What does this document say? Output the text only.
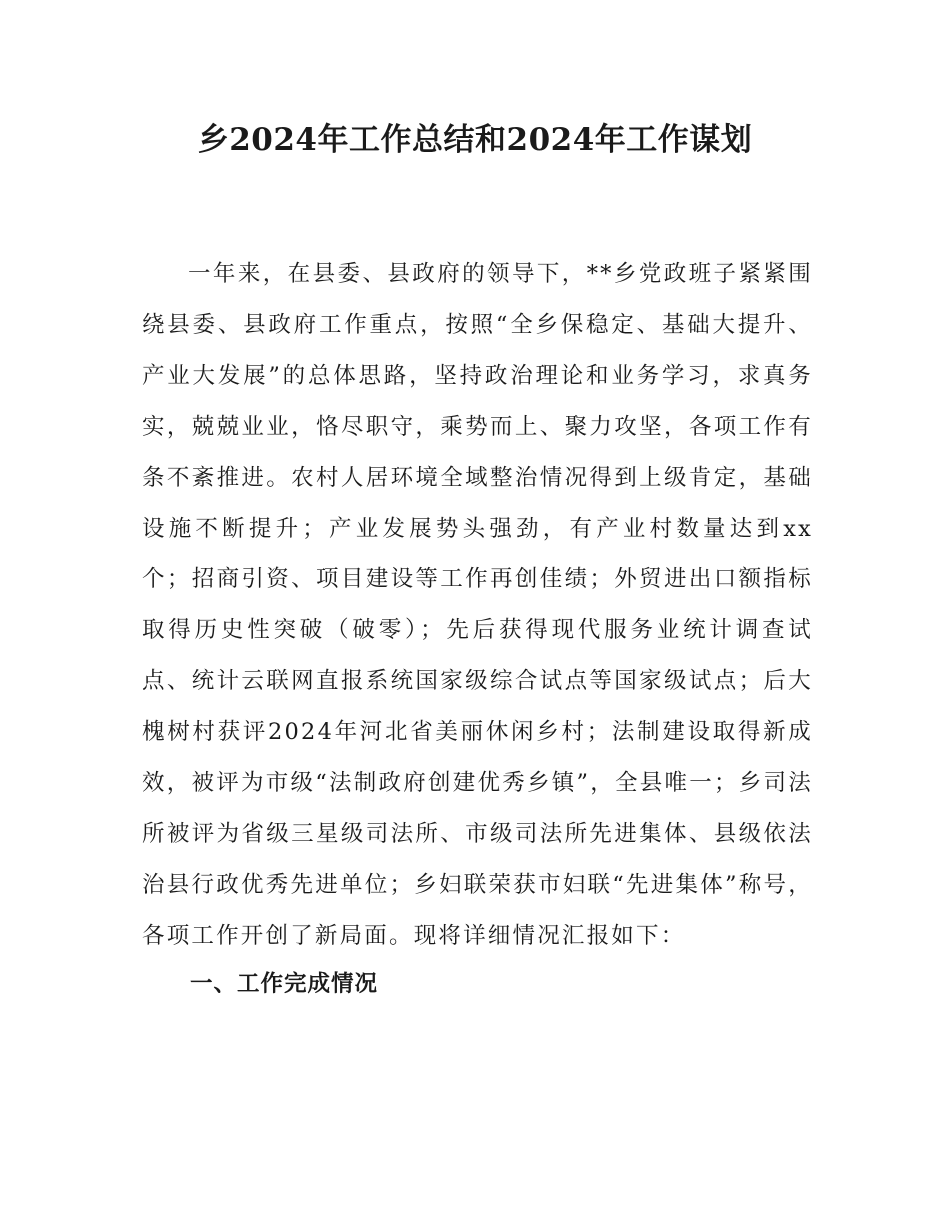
乡2024年工作总结和2024年工作谋划

一年来，在县委、县政府的领导下，**乡党政班子紧紧围绕县委、县政府工作重点，按照“全乡保稳定、基础大提升、产业大发展”的总体思路，坚持政治理论和业务学习，求真务实，兢兢业业，恪尽职守，乘势而上、聚力攻坚，各项工作有条不紊推进。农村人居环境全域整治情况得到上级肯定，基础设施不断提升；产业发展势头强劲，有产业村数量达到xx个；招商引资、项目建设等工作再创佳绩；外贸进出口额指标取得历史性突破（破零）；先后获得现代服务业统计调查试点、统计云联网直报系统国家级综合试点等国家级试点；后大槐树村获评2024年河北省美丽休闲乡村；法制建设取得新成效，被评为市级“法制政府创建优秀乡镇”，全县唯一；乡司法所被评为省级三星级司法所、市级司法所先进集体、县级依法治县行政优秀先进单位；乡妇联荣获市妇联“先进集体”称号，各项工作开创了新局面。现将详细情况汇报如下：

一、工作完成情况
